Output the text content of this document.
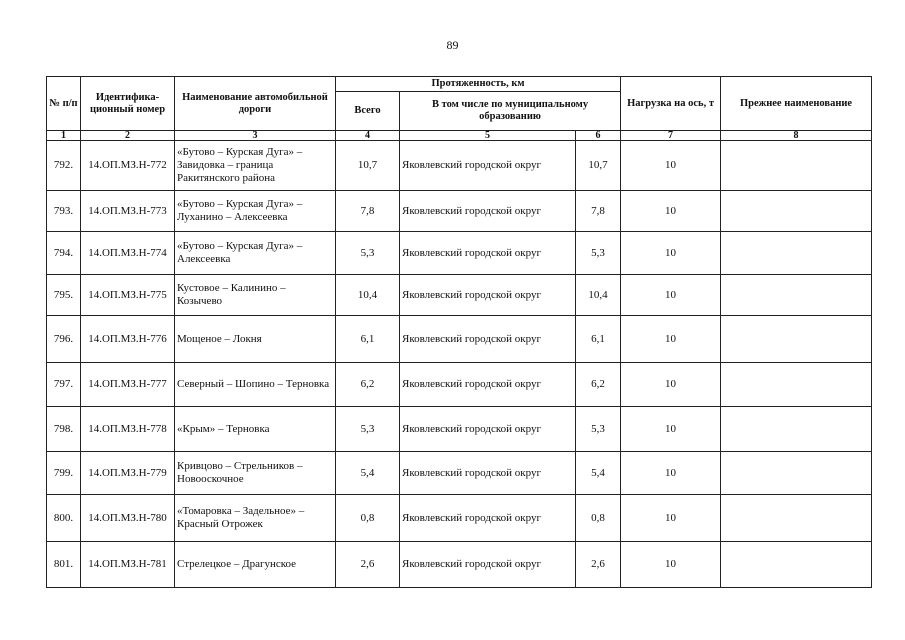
89
№ п/п	Идентифика- ционный номер	Наименование автомобильной дороги	Протяженность, км			Нагрузка на ось, т	Прежнее наименование
			Всего	В том числе по муниципальному образованию			
1	2	3	4	5	6	7	8
792.	14.ОП.МЗ.Н-772	«Бутово – Курская Дуга» – Завидовка – граница Ракитянского района	10,7	Яковлевский городской округ	10,7	10	
793.	14.ОП.МЗ.Н-773	«Бутово – Курская Дуга» – Луханино – Алексеевка	7,8	Яковлевский городской округ	7,8	10	
794.	14.ОП.МЗ.Н-774	«Бутово – Курская Дуга» – Алексеевка	5,3	Яковлевский городской округ	5,3	10	
795.	14.ОП.МЗ.Н-775	Кустовое – Калинино – Козычево	10,4	Яковлевский городской округ	10,4	10	
796.	14.ОП.МЗ.Н-776	Мощеное – Локня	6,1	Яковлевский городской округ	6,1	10	
797.	14.ОП.МЗ.Н-777	Северный – Шопино – Терновка	6,2	Яковлевский городской округ	6,2	10	
798.	14.ОП.МЗ.Н-778	«Крым» – Терновка	5,3	Яковлевский городской округ	5,3	10	
799.	14.ОП.МЗ.Н-779	Кривцово – Стрельников – Новооскочное	5,4	Яковлевский городской округ	5,4	10	
800.	14.ОП.МЗ.Н-780	«Томаровка – Задельное» – Красный Отрожек	0,8	Яковлевский городской округ	0,8	10	
801.	14.ОП.МЗ.Н-781	Стрелецкое – Драгунское	2,6	Яковлевский городской округ	2,6	10	
